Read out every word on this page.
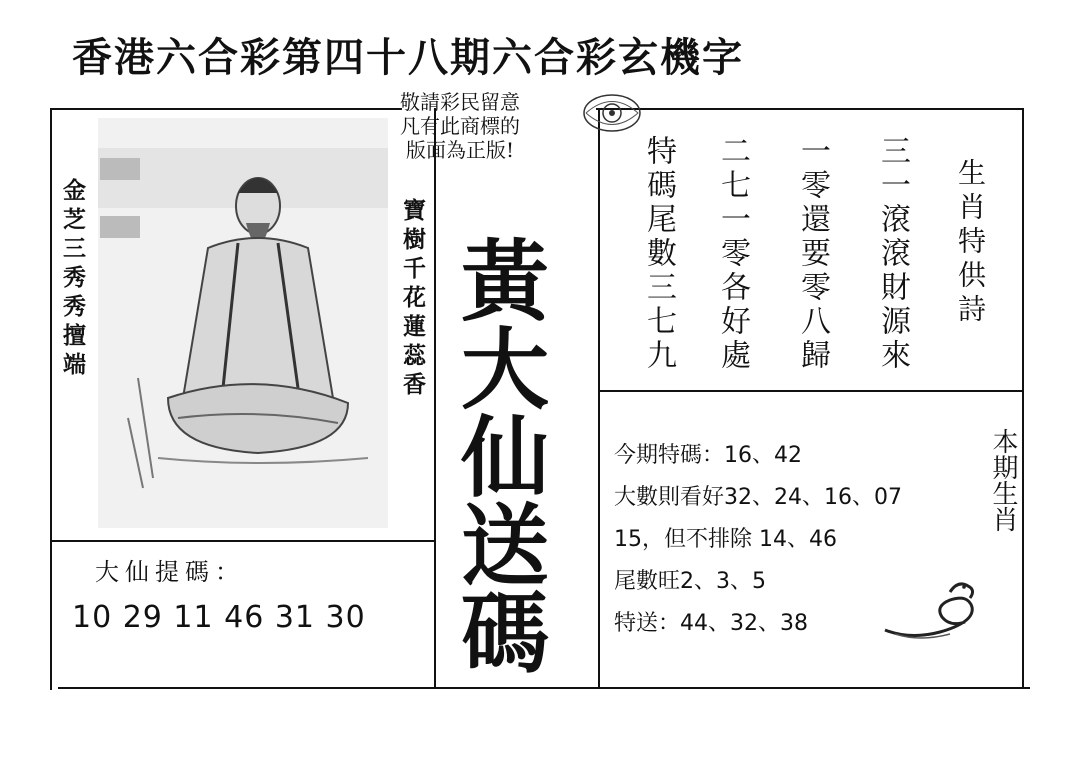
香港六合彩第四十八期六合彩玄機字
敬請彩民留意
凡有此商標的
版面為正版!
金芝三秀秀擅端	寶樹千花蓮蕊香 黃大仙送碼	生肖特供詩
三一滾滾財源來
一零還要零八歸
二七一零各好處
特碼尾數三七九
今期特碼：16、42
大數則看好32、24、16、07
15，但不排除 14、46
尾數旺2、3、5
特送：44、32、38
本期生肖
大仙提碼：
10 29 11 46 31 30
